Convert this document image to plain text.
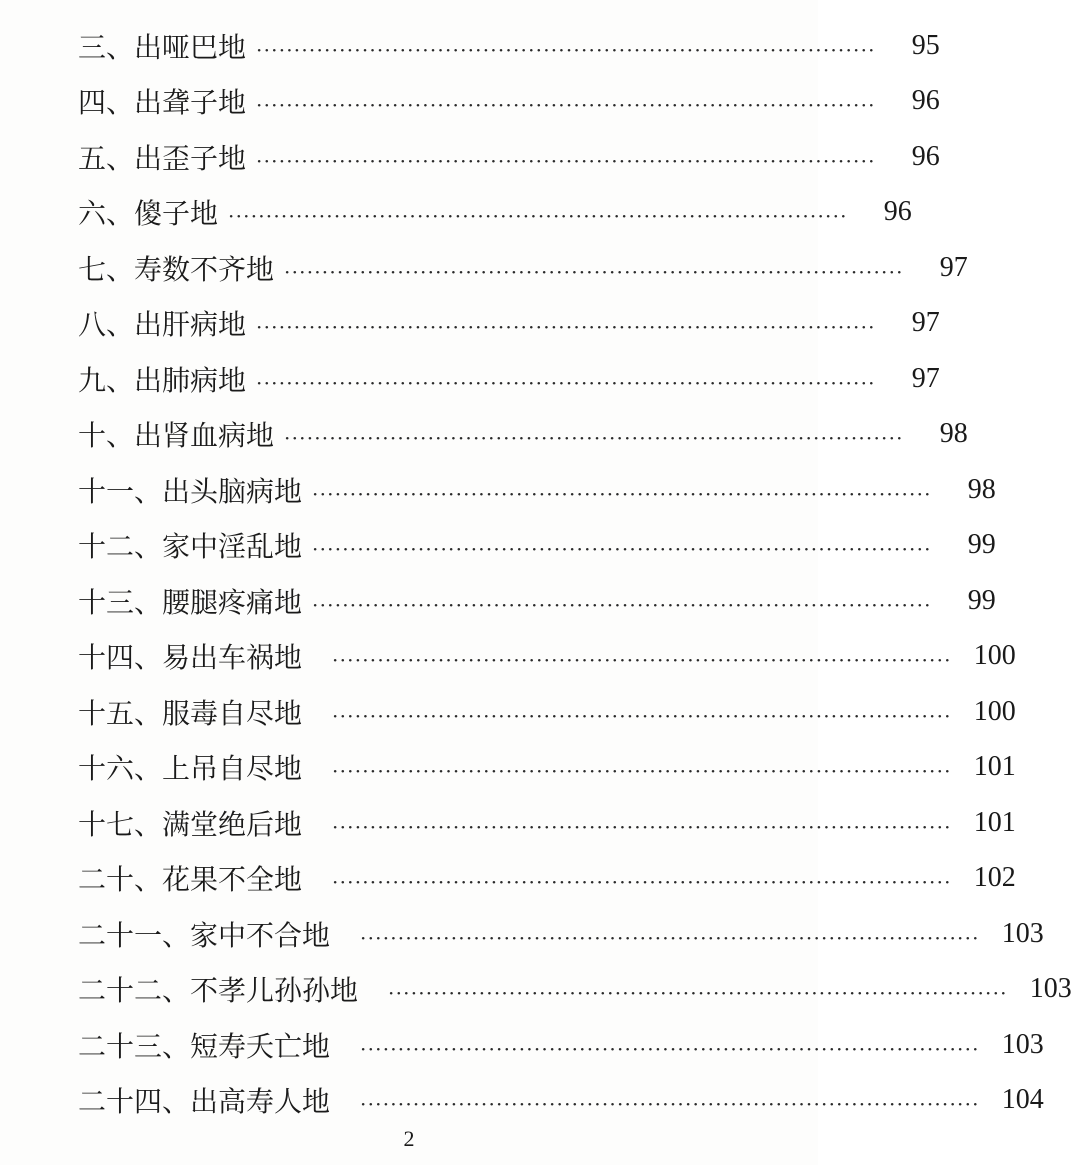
三、出哑巴地 ··················································································	95
四、出聋子地 ··················································································	96
五、出歪子地 ··················································································	96
六、傻子地 ··················································································	96
七、寿数不齐地 ··················································································	97
八、出肝病地 ··················································································	97
九、出肺病地 ··················································································	97
十、出肾血病地 ··················································································	98
十一、出头脑病地 ··················································································	98
十二、家中淫乱地 ··················································································	99
十三、腰腿疼痛地 ··················································································	99
十四、易出车祸地 ·················································································· 100
十五、服毒自尽地 ·················································································· 100
十六、上吊自尽地 ·················································································· 101
十七、满堂绝后地 ·················································································· 101
二十、花果不全地 ·················································································· 102
二十一、家中不合地 ·················································································· 103
二十二、不孝儿孙孙地 ·················································································· 103
二十三、短寿夭亡地 ·················································································· 103
二十四、出高寿人地 ·················································································· 104
2
